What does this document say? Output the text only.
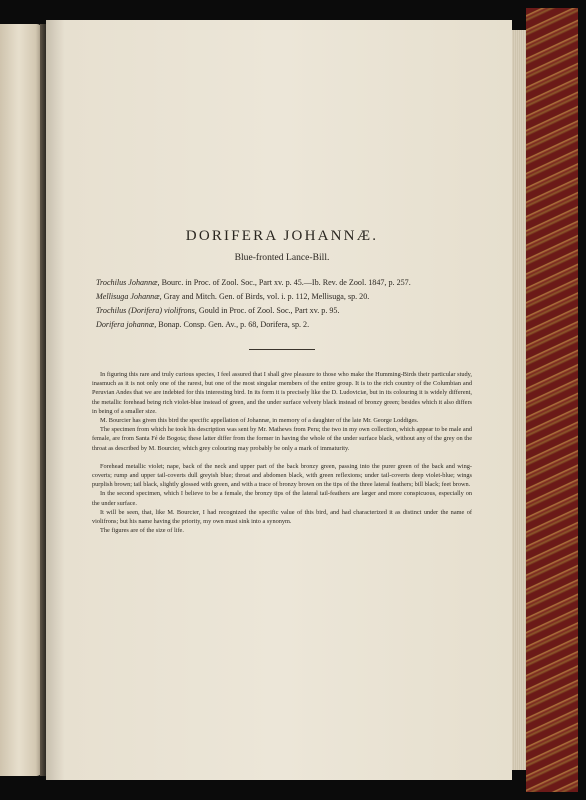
DORIFERA JOHANNÆ.
Blue-fronted Lance-Bill.

Trochilus Johannæ, Bourc. in Proc. of Zool. Soc., Part xv. p. 45.—Ib. Rev. de Zool. 1847, p. 257.

Mellisuga Johannæ, Gray and Mitch. Gen. of Birds, vol. i. p. 112, Mellisuga, sp. 20.

Trochilus (Dorifera) violifrons, Gould in Proc. of Zool. Soc., Part xv. p. 95.

Dorifera johannæ, Bonap. Consp. Gen. Av., p. 68, Dorifera, sp. 2.

In figuring this rare and truly curious species, I feel assured that I shall give pleasure to those who make the Humming-Birds their particular study, inasmuch as it is not only one of the rarest, but one of the most singular members of the entire group. It is to the rich country of the Columbian and Peruvian Andes that we are indebted for this interesting bird. In its form it is precisely like the D. Ludoviciæ, but in its colouring it is widely different, the metallic forehead being rich violet-blue instead of green, and the under surface velvety black instead of bronzy green; besides which it also differs in being of a smaller size.

M. Bourcier has given this bird the specific appellation of Johannæ, in memory of a daughter of the late Mr. George Loddiges.

The specimen from which he took his description was sent by Mr. Mathews from Peru; the two in my own collection, which appear to be male and female, are from Santa Fé de Bogota; these latter differ from the former in having the whole of the under surface black, without any of the grey on the throat as described by M. Bourcier, which grey colouring may probably be only a mark of immaturity.

Forehead metallic violet; nape, back of the neck and upper part of the back bronzy green, passing into the purer green of the back and wing-coverts; rump and upper tail-coverts dull greyish blue; throat and abdomen black, with green reflexions; under tail-coverts deep violet-blue; wings purplish brown; tail black, slightly glossed with green, and with a trace of bronzy brown on the tips of the three lateral feathers; bill black; feet brown.

In the second specimen, which I believe to be a female, the bronzy tips of the lateral tail-feathers are larger and more conspicuous, especially on the under surface.

It will be seen, that, like M. Bourcier, I had recognized the specific value of this bird, and had characterized it as distinct under the name of violifrons; but his name having the priority, my own must sink into a synonym.

The figures are of the size of life.
